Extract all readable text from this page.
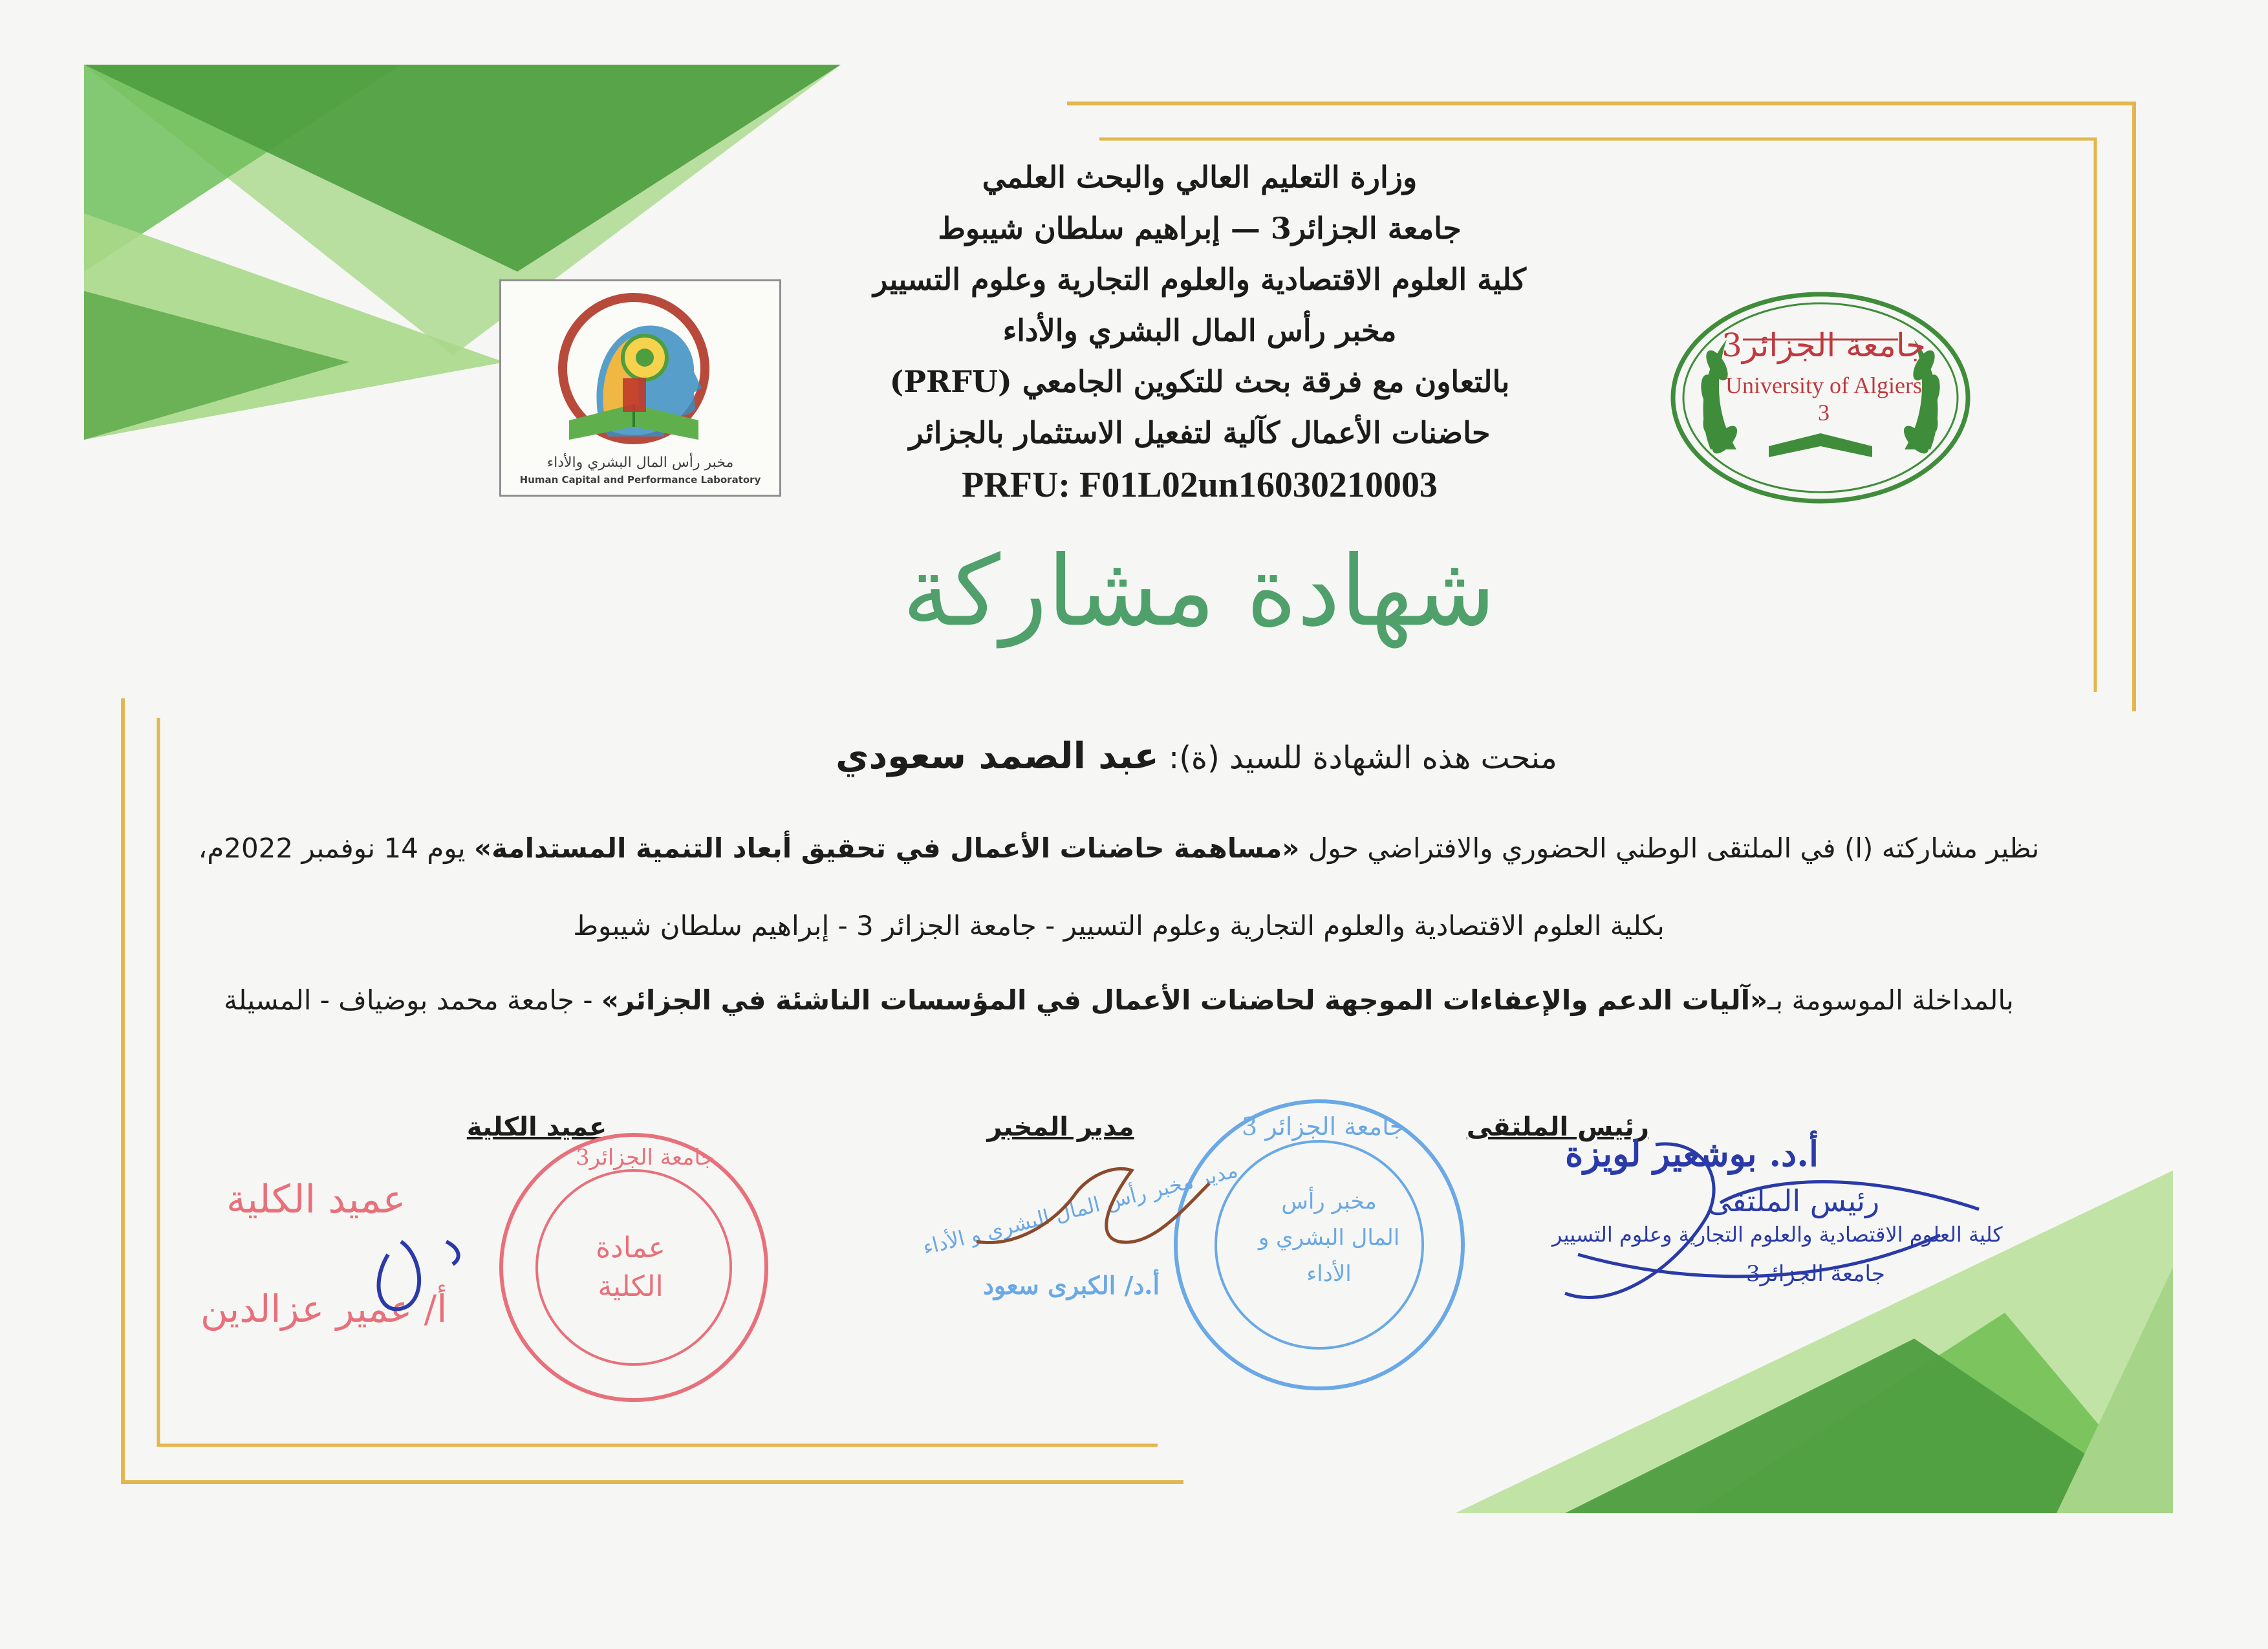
مخبر رأس المال البشري والأداء
Human Capital and Performance Laboratory
جامعة الجزائر3
University of Algiers 3
وزارة التعليم العالي والبحث العلمي
جامعة الجزائر3 — إبراهيم سلطان شيبوط
كلية العلوم الاقتصادية والعلوم التجارية وعلوم التسيير
مخبر رأس المال البشري والأداء
بالتعاون مع فرقة بحث للتكوين الجامعي (PRFU)
حاضنات الأعمال كآلية لتفعيل الاستثمار بالجزائر
PRFU: F01L02un16030210003
شهادة مشاركة
منحت هذه الشهادة للسيد (ة): عبد الصمد سعودي
نظير مشاركته (ا) في الملتقى الوطني الحضوري والافتراضي حول «مساهمة حاضنات الأعمال في تحقيق أبعاد التنمية المستدامة» يوم 14 نوفمبر 2022م،
بكلية العلوم الاقتصادية والعلوم التجارية وعلوم التسيير - جامعة الجزائر 3 - إبراهيم سلطان شيبوط
بالمداخلة الموسومة بـ«آليات الدعم والإعفاءات الموجهة لحاضنات الأعمال في المؤسسات الناشئة في الجزائر» - جامعة محمد بوضياف - المسيلة
عميد الكلية	مدير المخبر	رئيس الملتقى
جامعة الجزائر3
عمادة الكلية
عميد الكلية
أ/ عمير عزالدين
جامعة الجزائر 3
مخبر رأس المال البشري و الأداء
مدير مخبر رأس المال البشري و الأداء
أ.د/ الكبرى سعود
أ.د. بوشعير لويزة
رئيس الملتقى
كلية العلوم الاقتصادية والعلوم التجارية وعلوم التسيير
جامعة الجزائر3
